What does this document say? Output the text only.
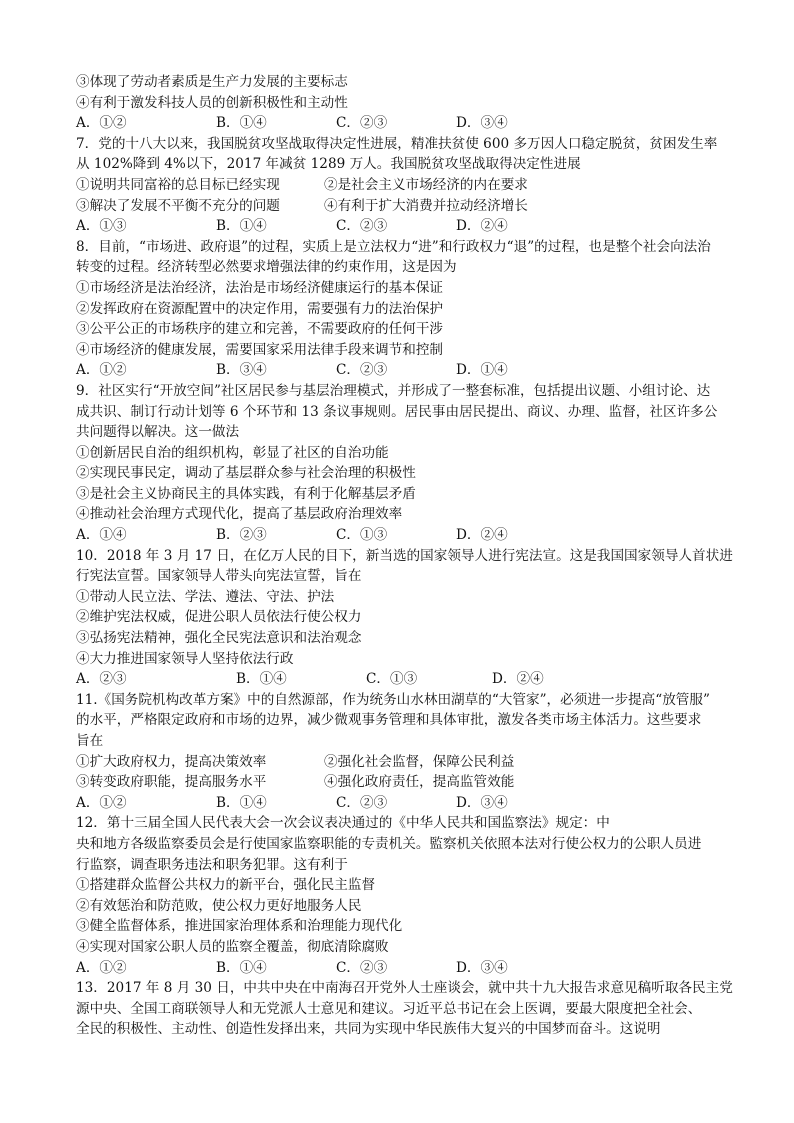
③体现了劳动者素质是生产力发展的主要标志
④有利于激发科技人员的创新积极性和主动性
A．①②	B．①④	C．②③	D．③④
7．党的十八大以来，我国脱贫攻坚战取得决定性进展，精准扶贫使 600 多万因人口稳定脱贫，贫困发生率
从 102%降到 4%以下，2017 年减贫 1289 万人。我国脱贫攻坚战取得决定性进展
①说明共同富裕的总目标已经实现	②是社会主义市场经济的内在要求
③解决了发展不平衡不充分的问题	④有利于扩大消费并拉动经济增长
A．①③	B．①④	C．②③	D．②④
8．目前，“市场进、政府退”的过程，实质上是立法权力“进”和行政权力“退”的过程，也是整个社会向法治
转变的过程。经济转型必然要求增强法律的约束作用，这是因为
①市场经济是法治经济，法治是市场经济健康运行的基本保证
②发挥政府在资源配置中的决定作用，需要强有力的法治保护
③公平公正的市场秩序的建立和完善，不需要政府的任何干涉
④市场经济的健康发展，需要国家采用法律手段来调节和控制
A．①②	B．③④	C．②③	D．①④
9．社区实行“开放空间”社区居民参与基层治理模式，并形成了一整套标准，包括提出议题、小组讨论、达
成共识、制订行动计划等 6 个环节和 13 条议事规则。居民事由居民提出、商议、办理、监督，社区许多公
共问题得以解决。这一做法
①创新居民自治的组织机构，彰显了社区的自治功能
②实现民事民定，调动了基层群众参与社会治理的积极性
③是社会主义协商民主的具体实践，有利于化解基层矛盾
④推动社会治理方式现代化，提高了基层政府治理效率
A．①④	B．②③	C．①③	D．②④
10．2018 年 3 月 17 日，在亿万人民的目下，新当选的国家领导人进行宪法宣。这是我国国家领导人首状进
行宪法宣誓。国家领导人带头向宪法宣誓，旨在
①带动人民立法、学法、遵法、守法、护法
②维护宪法权威，促进公职人员依法行使公权力
③弘扬宪法精神，强化全民宪法意识和法治观念
④大力推进国家领导人坚持依法行政
A．②③	B．①④	C．①③	D．②④
11.《国务院机构改革方案》中的自然源部，作为统务山水林田湖草的“大管家”，必须进一步提高“放管服”
的水平，严格限定政府和市场的边界，减少微观事务管理和具体审批，激发各类市场主体活力。这些要求
旨在
①扩大政府权力，提高决策效率	②强化社会监督，保障公民利益
③转变政府职能，提高服务水平	④强化政府责任，提高监管效能
A．①②	B．①④	C．②③	D．③④
12．第十三届全国人民代表大会一次会议表决通过的《中华人民共和国监察法》规定：中
央和地方各级监察委员会是行使国家监察职能的专责机关。監察机关依照本法对行使公权力的公职人员进
行监察，调查职务违法和职务犯罪。这有利于
①搭建群众监督公共权力的新平台，强化民主监督
②有效惩治和防范败，使公权力更好地服务人民
③健全监督体系，推进国家治理体系和治理能力现代化
④实现对国家公职人员的监察全覆盖，彻底清除腐败
A．①②	B．①④	C．②③	D．③④
13．2017 年 8 月 30 日，中共中央在中南海召开党外人士座谈会，就中共十九大报告求意见稿听取各民主党
源中央、全国工商联领导人和无党派人士意见和建议。习近平总书记在会上医调，要最大限度把全社会、
全民的积极性、主动性、创造性发择出来，共同为实现中华民族伟大复兴的中国梦而奋斗。这说明
